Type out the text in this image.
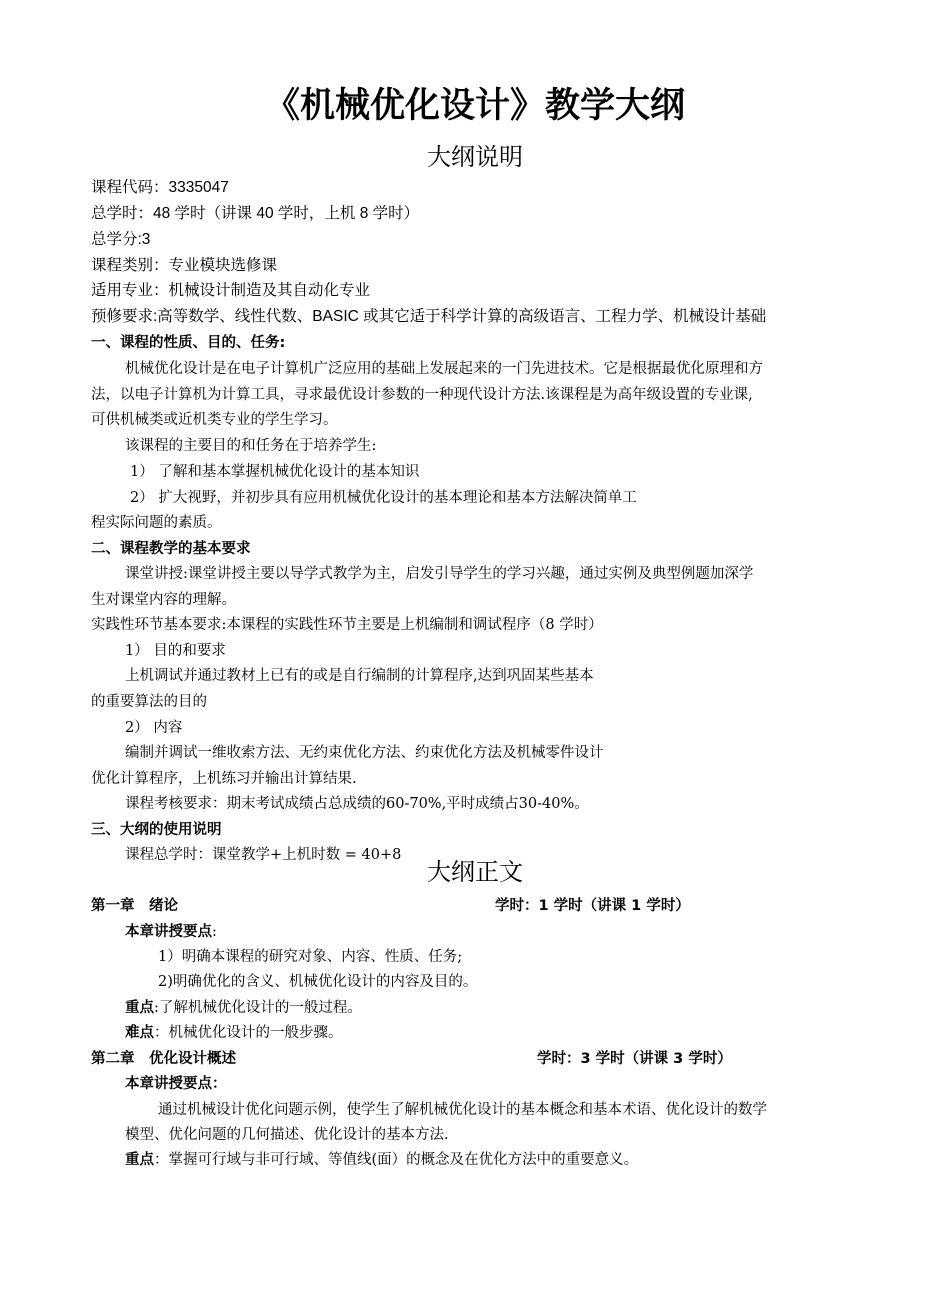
《机械优化设计》教学大纲
大纲说明
课程代码：3335047
总学时：48 学时（讲课 40 学时，上机 8 学时）
总学分:3
课程类别：专业模块选修课
适用专业：机械设计制造及其自动化专业
预修要求:高等数学、线性代数、BASIC 或其它适于科学计算的高级语言、工程力学、机械设计基础
一、课程的性质、目的、任务:
机械优化设计是在电子计算机广泛应用的基础上发展起来的一门先进技术。它是根据最优化原理和方
法，以电子计算机为计算工具，寻求最优设计参数的一种现代设计方法.该课程是为高年级设置的专业课,
可供机械类或近机类专业的学生学习。
该课程的主要目的和任务在于培养学生:
1） 了解和基本掌握机械优化设计的基本知识
2） 扩大视野，并初步具有应用机械优化设计的基本理论和基本方法解决简单工
程实际问题的素质。
二、课程教学的基本要求
课堂讲授:课堂讲授主要以导学式教学为主，启发引导学生的学习兴趣，通过实例及典型例题加深学
生对课堂内容的理解。
实践性环节基本要求:本课程的实践性环节主要是上机编制和调试程序（8 学时）
1） 目的和要求
上机调试并通过教材上已有的或是自行编制的计算程序,达到巩固某些基本
的重要算法的目的
2） 内容
编制并调试一维收索方法、无约束优化方法、约束优化方法及机械零件设计
优化计算程序，上机练习并输出计算结果.
课程考核要求：期末考试成绩占总成绩的60-70%,平时成绩占30-40%。
三、大纲的使用说明
课程总学时：课堂教学+上机时数 = 40+8
大纲正文
第一章　绪论	学时：1 学时（讲课 1 学时）
本章讲授要点:
1）明确本课程的研究对象、内容、性质、任务;
2)明确优化的含义、机械优化设计的内容及目的。
重点:了解机械优化设计的一般过程。
难点：机械优化设计的一般步骤。
第二章　优化设计概述	学时：3 学时（讲课 3 学时）
本章讲授要点：
通过机械设计优化问题示例，使学生了解机械优化设计的基本概念和基本术语、优化设计的数学
模型、优化问题的几何描述、优化设计的基本方法.
重点：掌握可行域与非可行域、等值线(面）的概念及在优化方法中的重要意义。
